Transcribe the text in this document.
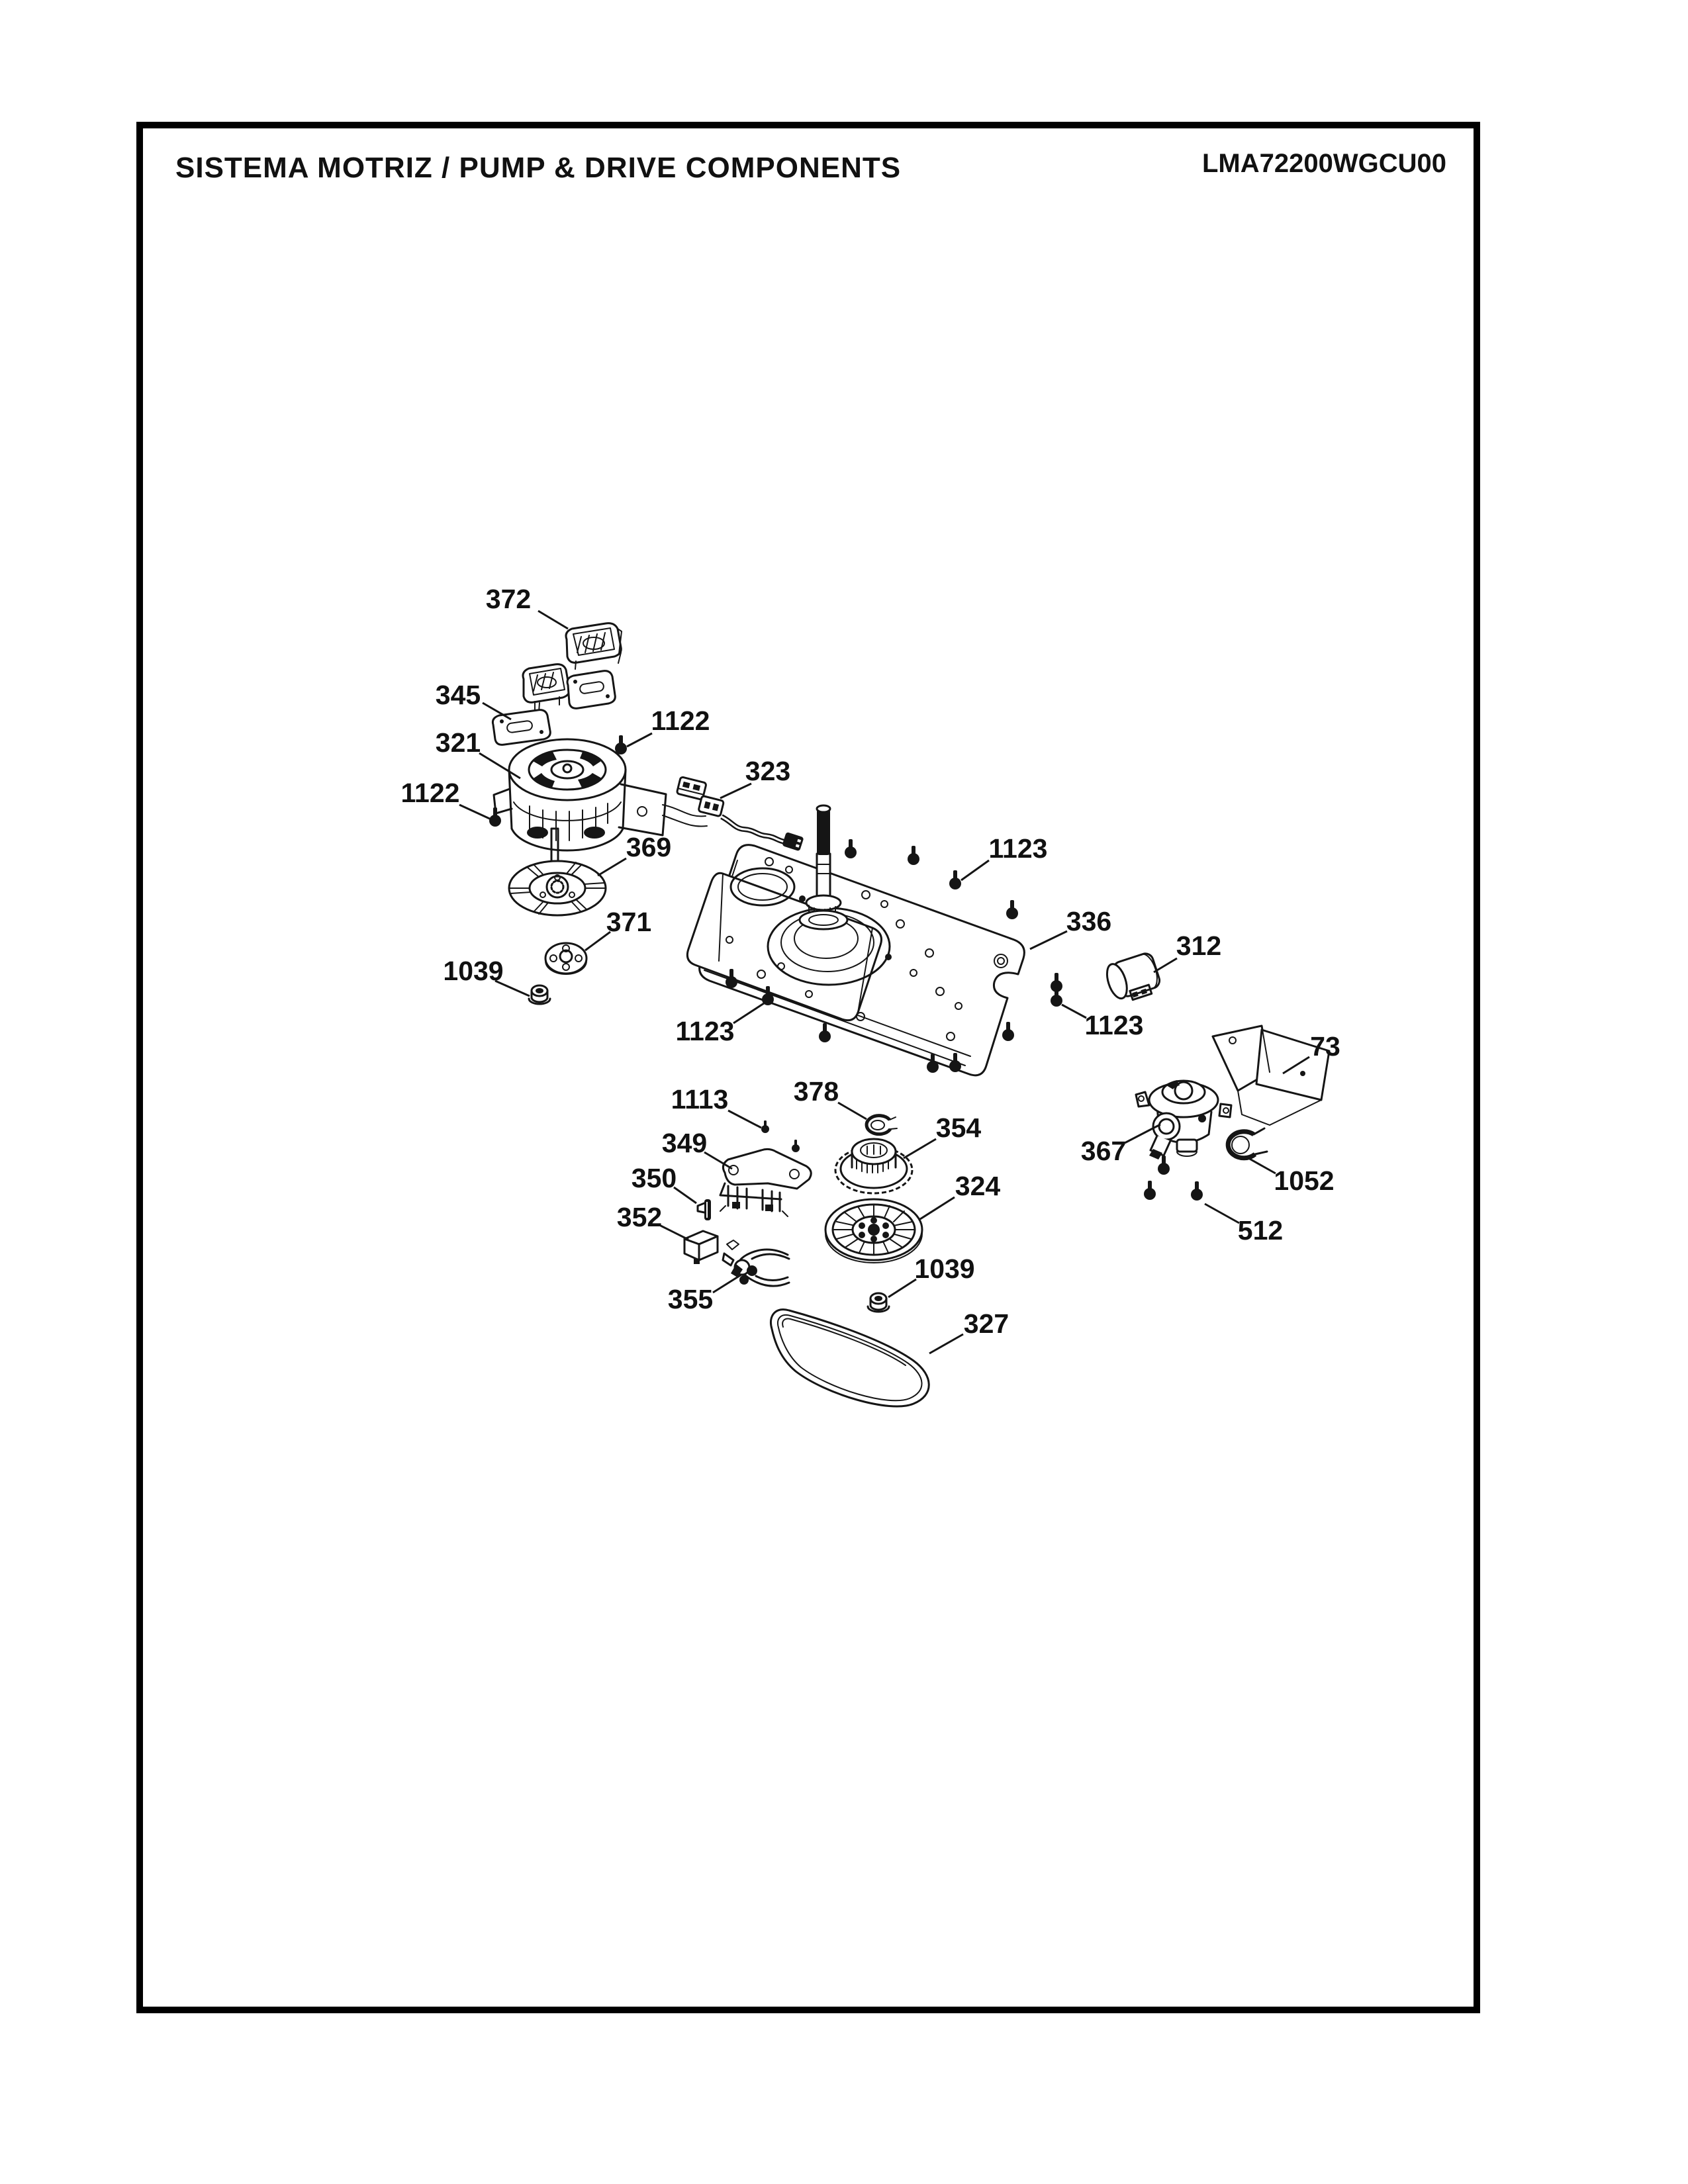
SISTEMA MOTRIZ / PUMP & DRIVE COMPONENTS	LMA72200WGCU00
372
345
321
1122
1122
323
369
371
1039
1123
336
312
1123	1123
73
1113 378
349	354
350	324
352
367
1052
355
1039
512
327
